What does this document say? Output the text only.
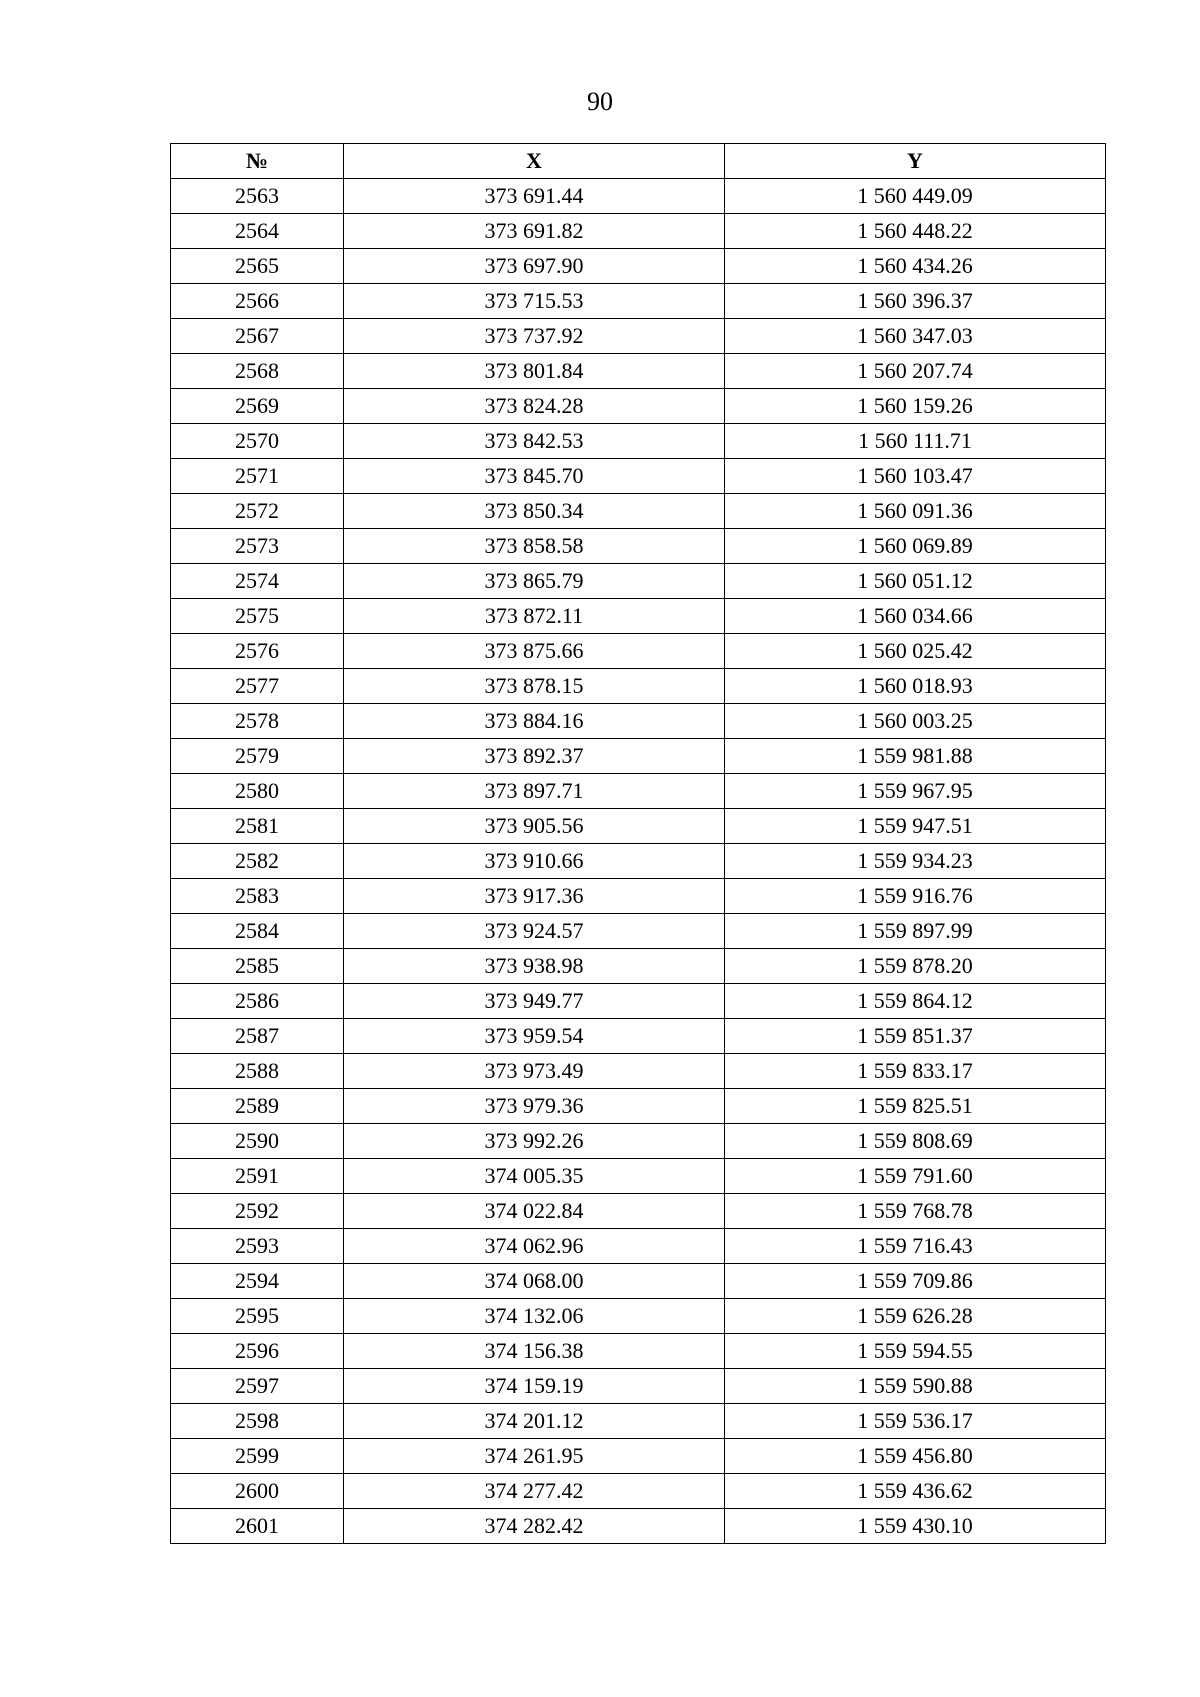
90
№	X	Y
2563	373 691.44	1 560 449.09
2564	373 691.82	1 560 448.22
2565	373 697.90	1 560 434.26
2566	373 715.53	1 560 396.37
2567	373 737.92	1 560 347.03
2568	373 801.84	1 560 207.74
2569	373 824.28	1 560 159.26
2570	373 842.53	1 560 111.71
2571	373 845.70	1 560 103.47
2572	373 850.34	1 560 091.36
2573	373 858.58	1 560 069.89
2574	373 865.79	1 560 051.12
2575	373 872.11	1 560 034.66
2576	373 875.66	1 560 025.42
2577	373 878.15	1 560 018.93
2578	373 884.16	1 560 003.25
2579	373 892.37	1 559 981.88
2580	373 897.71	1 559 967.95
2581	373 905.56	1 559 947.51
2582	373 910.66	1 559 934.23
2583	373 917.36	1 559 916.76
2584	373 924.57	1 559 897.99
2585	373 938.98	1 559 878.20
2586	373 949.77	1 559 864.12
2587	373 959.54	1 559 851.37
2588	373 973.49	1 559 833.17
2589	373 979.36	1 559 825.51
2590	373 992.26	1 559 808.69
2591	374 005.35	1 559 791.60
2592	374 022.84	1 559 768.78
2593	374 062.96	1 559 716.43
2594	374 068.00	1 559 709.86
2595	374 132.06	1 559 626.28
2596	374 156.38	1 559 594.55
2597	374 159.19	1 559 590.88
2598	374 201.12	1 559 536.17
2599	374 261.95	1 559 456.80
2600	374 277.42	1 559 436.62
2601	374 282.42	1 559 430.10
